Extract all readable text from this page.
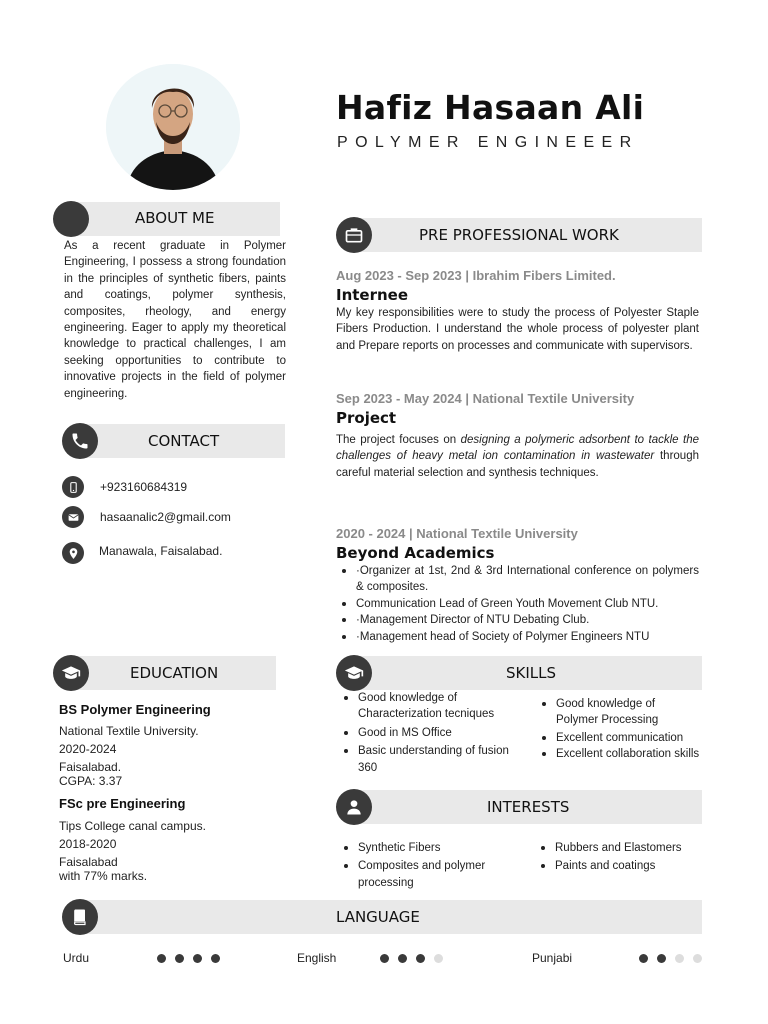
Hafiz Hasaan Ali
POLYMER ENGINEEER
ABOUT ME
As a recent graduate in Polymer Engineering, I possess a strong foundation in the principles of synthetic fibers, paints and coatings, polymer synthesis, composites, rheology, and energy engineering. Eager to apply my theoretical knowledge to practical challenges, I am seeking opportunities to contribute to innovative projects in the field of polymer engineering.
CONTACT
+923160684319
hasaanalic2@gmail.com
Manawala, Faisalabad.
EDUCATION
BS Polymer Engineering
National Textile University.
2020-2024
Faisalabad.
CGPA: 3.37
FSc pre Engineering
Tips College canal campus.
2018-2020
Faisalabad
with 77% marks.
PRE PROFESSIONAL WORK
Aug 2023 - Sep 2023 | Ibrahim Fibers Limited.
Internee
My key responsibilities were to study the process of Polyester Staple Fibers Production. I understand the whole process of polyester plant and Prepare reports on processes and communicate with supervisors.
Sep 2023 - May 2024 | National Textile University
Project
The project focuses on designing a polymeric adsorbent to tackle the challenges of heavy metal ion contamination in wastewater through careful material selection and synthesis techniques.
2020 - 2024 | National Textile University
Beyond Academics
·Organizer at 1st, 2nd & 3rd International conference on polymers & composites.
Communication Lead of Green Youth Movement Club NTU.
·Management Director of NTU Debating Club.
·Management head of Society of Polymer Engineers NTU
SKILLS
Good knowledge of Characterization tecniques
Good in MS Office
Basic understanding of fusion 360
Good knowledge of Polymer Processing
Excellent communication
Excellent collaboration skills
INTERESTS
Synthetic Fibers
Composites and polymer processing
Rubbers and Elastomers
Paints and coatings
LANGUAGE
Urdu	English	Punjabi
